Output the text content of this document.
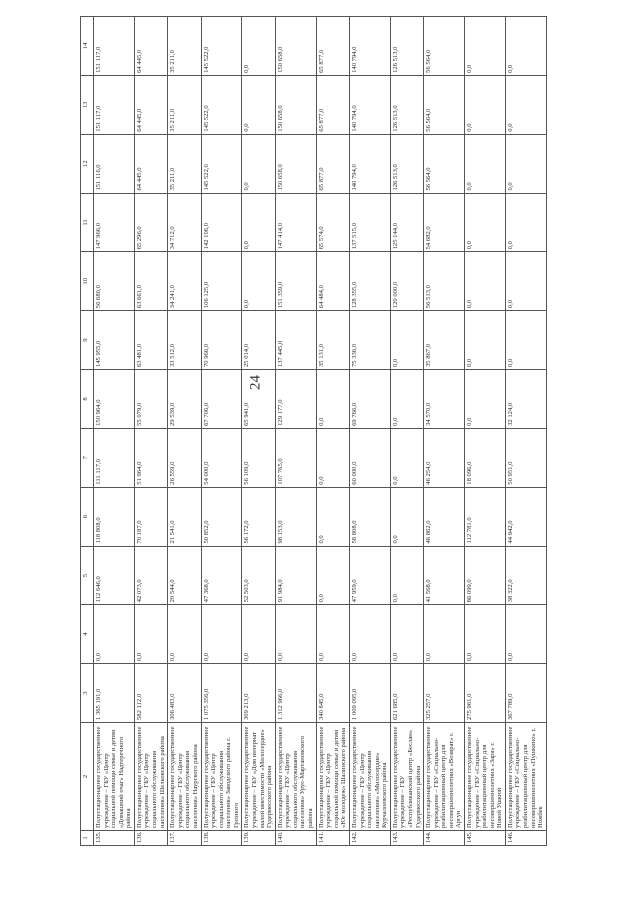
24
1	2	3	4	5	6	7	8	9	10	11	12	13	14
135.	Полустационарное государственное учреждение – ГБУ «Центр социальной помощи семье и детям «Домашний очаг» Надтеречного района	1 365 191,0	0,0	112 646,0	118 808,0	111 117,0	150 964,0	145 955,0	56 680,0	147 966,0	151 116,0	151 117,0	151 117,0
136.	Полустационарное государственное учреждение – ГБУ «Центр социального обслуживания населения» Шелковского района	582 112,0	0,0	42 073,0	70 187,0	51 964,0	55 079,0	63 481,0	63 661,0	65 296,0	64 445,0	64 445,0	64 445,0
137.	Полустационарное государственное учреждение – ГБУ «Центр социального обслуживания населения» Наурского района	306 483,0	0,0	20 544,0	21 541,0	26 559,0	29 539,0	33 512,0	34 241,0	34 712,0	35 211,0	35 211,0	35 211,0
138.	Полустационарное государственное учреждение – ГБУ «Центр социального обслуживания населения» Заводского района г. Грозного	1 075 356,0	0,0	47 368,0	50 852,0	54 000,0	67 706,0	70 966,0	106 125,0	142 106,0	145 522,0	145 522,0	145 522,0
139.	Полустационарное государственное учреждение – ГБУ «Дом интернат малой вместимости «Милосердие» Гудермесского района	309 213,0	0,0	52 503,0	56 172,0	56 109,0	65 941,0	25 014,0	0,0	0,0	0,0	0,0	0,0
140.	Полустационарное государственное учреждение – ГБУ «Центр социального обслуживания населения» Урус-Мартановского района	1 312 966,0	0,0	91 984,0	98 153,0	107 765,0	129 177,0	137 445,0	151 359,0	147 414,0	150 658,0	150 658,0	150 658,0
141.	Полустационарное государственное учреждение – ГБУ «Центр социальной помощи семье и детям «Юг молодеж» Шалинского района	340 845,0	0,0	0,0	0,0	0,0	0,0	35 131,0	64 484,0	65 574,0	65 877,0	65 877,0	65 877,0
142.	Полустационарное государственное учреждение – ГБУ «Центр социального обслуживания населения» «Милосердие» Курчалоевского района	1 009 095,0	0,0	47 959,0	58 808,0	60 000,0	69 766,0	75 336,0	128 355,0	137 515,0	140 794,0	140 794,0	140 794,0
143.	Полустационарное государственное учреждение – ГБУ «Республиканский центр «Беслан» Гудермесского района	621 685,0	0,0	0,0	0,0	0,0	0,0	0,0	120 000,0	125 144,0	126 513,0	126 513,0	126 513,0
144.	Полустационарное государственное учреждение – ГБУ «Социально-реабилитационный центр для несовершеннолетних «Возврат» г. Аргун	325 257,0	0,0	41 568,0	46 862,0	46 254,0	34 570,0	35 867,0	56 513,0	54 682,0	56 564,0	56 564,0	56 564,0
145.	Полустационарное государственное учреждение – ГБУ «Социально-реабилитационный центр для несовершеннолетних «Заря» г. Новой Ушкюй	275 961,0	0,0	86 099,0	112 781,0	18 096,0	0,0	0,0	0,0	0,0	0,0	0,0	0,0
146.	Полустационарное государственное учреждение – ГБУ «Социально-реабилитационный центр для несовершеннолетних «Пушкино» г. Ножбек	367 789,0	0,0	38 322,0	44 942,0	50 951,0	32 124,0	0,0	0,0	0,0	0,0	0,0	0,0
